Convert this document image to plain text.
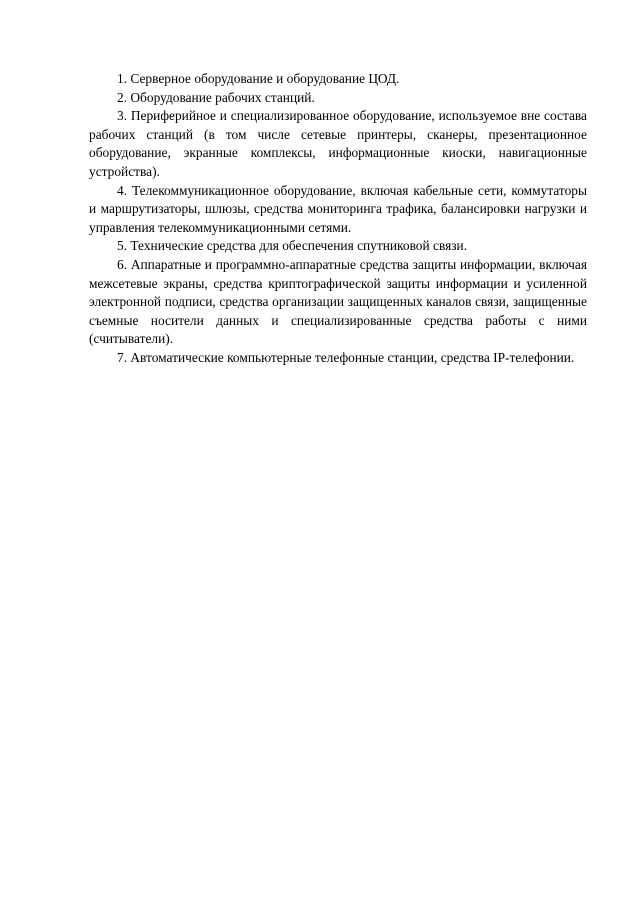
1. Серверное оборудование и оборудование ЦОД.

2. Оборудование рабочих станций.

3. Периферийное и специализированное оборудование, используемое вне состава рабочих станций (в том числе сетевые принтеры, сканеры, презентационное оборудование, экранные комплексы, информационные киоски, навигационные устройства).

4. Телекоммуникационное оборудование, включая кабельные сети, коммутаторы и маршрутизаторы, шлюзы, средства мониторинга трафика, балансировки нагрузки и управления телекоммуникационными сетями.

5. Технические средства для обеспечения спутниковой связи.

6. Аппаратные и программно-аппаратные средства защиты информации, включая межсетевые экраны, средства криптографической защиты информации и усиленной электронной подписи, средства организации защищенных каналов связи, защищенные съемные носители данных и специализированные средства работы с ними (считыватели).

7. Автоматические компьютерные телефонные станции, средства IP-телефонии.
